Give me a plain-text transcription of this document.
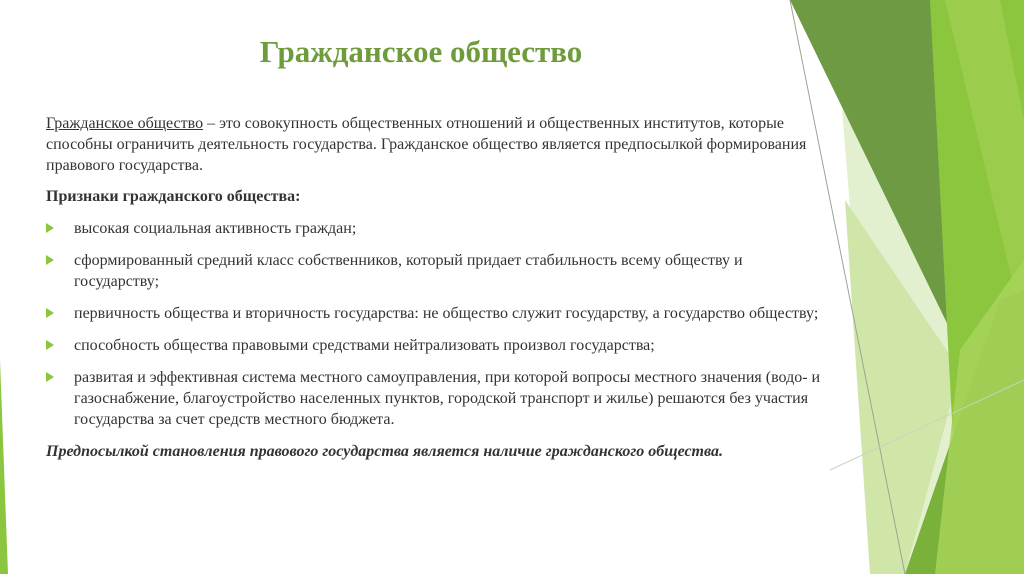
Гражданское общество

Гражданское общество – это совокупность общественных отношений и общественных институтов, которые способны ограничить деятельность государства. Гражданское общество является предпосылкой формирования правового государства.

Признаки гражданского общества:

высокая социальная активность граждан;
сформированный средний класс собственников, который придает стабильность всему обществу и государству;
первичность общества и вторичность государства: не общество служит государству, а государство обществу;
способность общества правовыми средствами нейтрализовать произвол государства;
развитая и эффективная система местного самоуправления, при которой вопросы местного значения (водо- и газоснабжение, благоустройство населенных пунктов, городской транспорт и жилье) решаются без участия государства за счет средств местного бюджета.

Предпосылкой становления правового государства является наличие гражданского общества.
